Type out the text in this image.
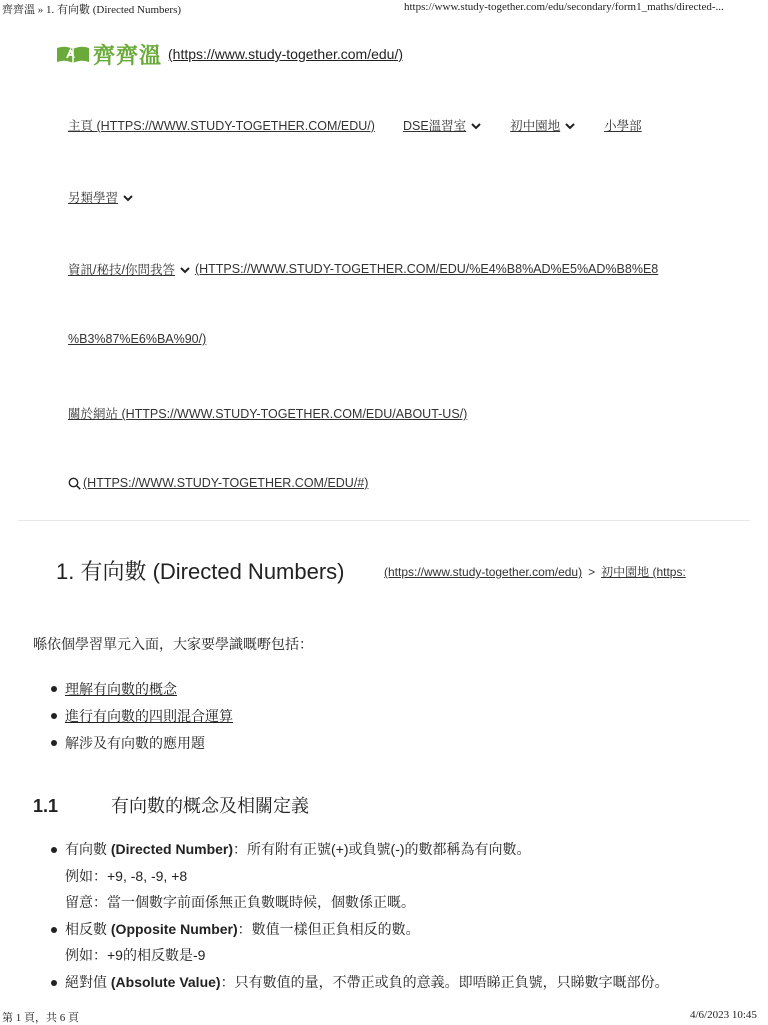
齊齊溫 » 1. 有向數 (Directed Numbers)	https://www.study-together.com/edu/secondary/form1_maths/directed-...
齊齊溫 (https://www.study-together.com/edu/)
主頁 (HTTPS://WWW.STUDY-TOGETHER.COM/EDU/) DSE溫習室	初中園地	小學部
另類學習
資訊/秘技/你問我答 (HTTPS://WWW.STUDY-TOGETHER.COM/EDU/%E4%B8%AD%E5%AD%B8%E8
%B3%87%E6%BA%90/)
關於網站 (HTTPS://WWW.STUDY-TOGETHER.COM/EDU/ABOUT-US/)
(HTTPS://WWW.STUDY-TOGETHER.COM/EDU/#)
1. 有向數 (Directed Numbers)	(https://www.study-together.com/edu) > 初中園地 (https:
喺依個學習單元入面，大家要學識嘅嘢包括：
理解有向數的概念
進行有向數的四則混合運算
解涉及有向數的應用題
1.1	有向數的概念及相關定義
有向數 (Directed Number)：所有附有正號(+)或負號(-)的數都稱為有向數。
例如：+9, -8, -9, +8
留意：當一個數字前面係無正負數嘅時候，個數係正嘅。
相反數 (Opposite Number)：數值一樣但正負相反的數。
例如：+9的相反數是-9
絕對值 (Absolute Value)：只有數值的量，不帶正或負的意義。即唔睇正負號，只睇數字嘅部份。
第 1 頁，共 6 頁	4/6/2023 10:45
